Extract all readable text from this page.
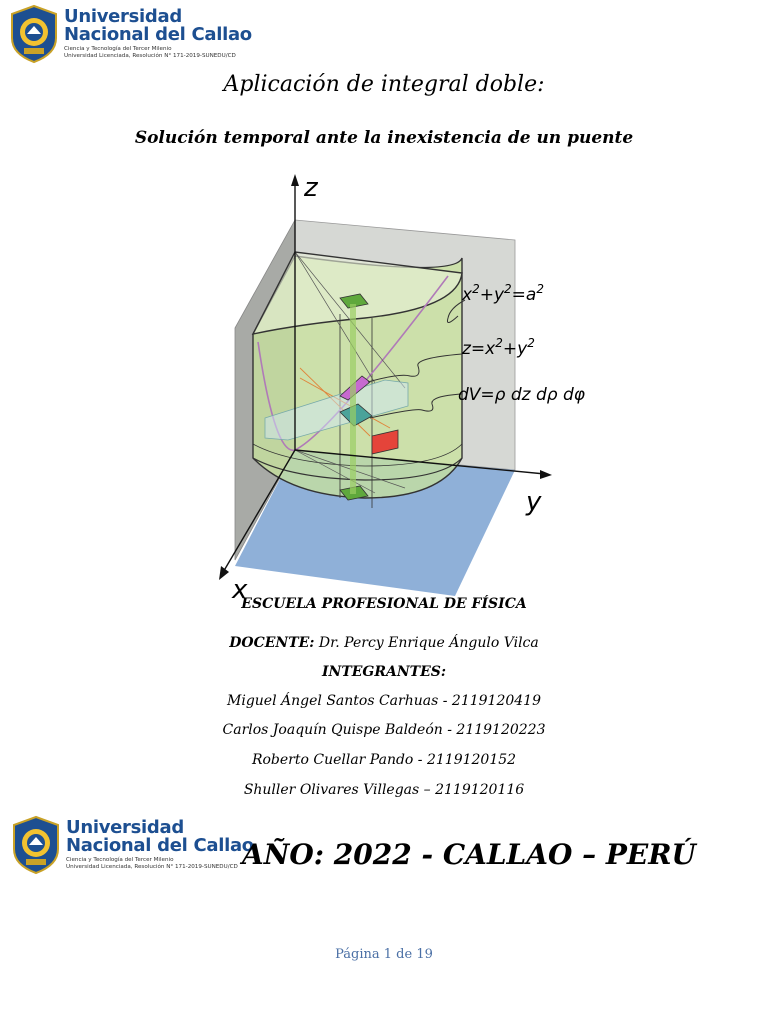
Universidad
Nacional del Callao
Ciencia y Tecnología del Tercer Milenio
Universidad Licenciada, Resolución N° 171-2019-SUNEDU/CD
Aplicación de integral doble:
Solución temporal ante la inexistencia de un puente
z
y
x
$x^2+y^2=a^2$
$z=x^2+y^2$
dV=ρ dz dρ dφ
ESCUELA PROFESIONAL DE FÍSICA
DOCENTE: Dr. Percy Enrique Ángulo Vilca
INTEGRANTES:
Miguel Ángel Santos Carhuas - 2119120419
Carlos Joaquín Quispe Baldeón - 2119120223
Roberto Cuellar Pando - 2119120152
Shuller Olivares Villegas – 2119120116
Universidad
Nacional del Callao
Ciencia y Tecnología del Tercer Milenio
Universidad Licenciada, Resolución N° 171-2019-SUNEDU/CD AÑO: 2022 - CALLAO – PERÚ
Página 1 de 19
